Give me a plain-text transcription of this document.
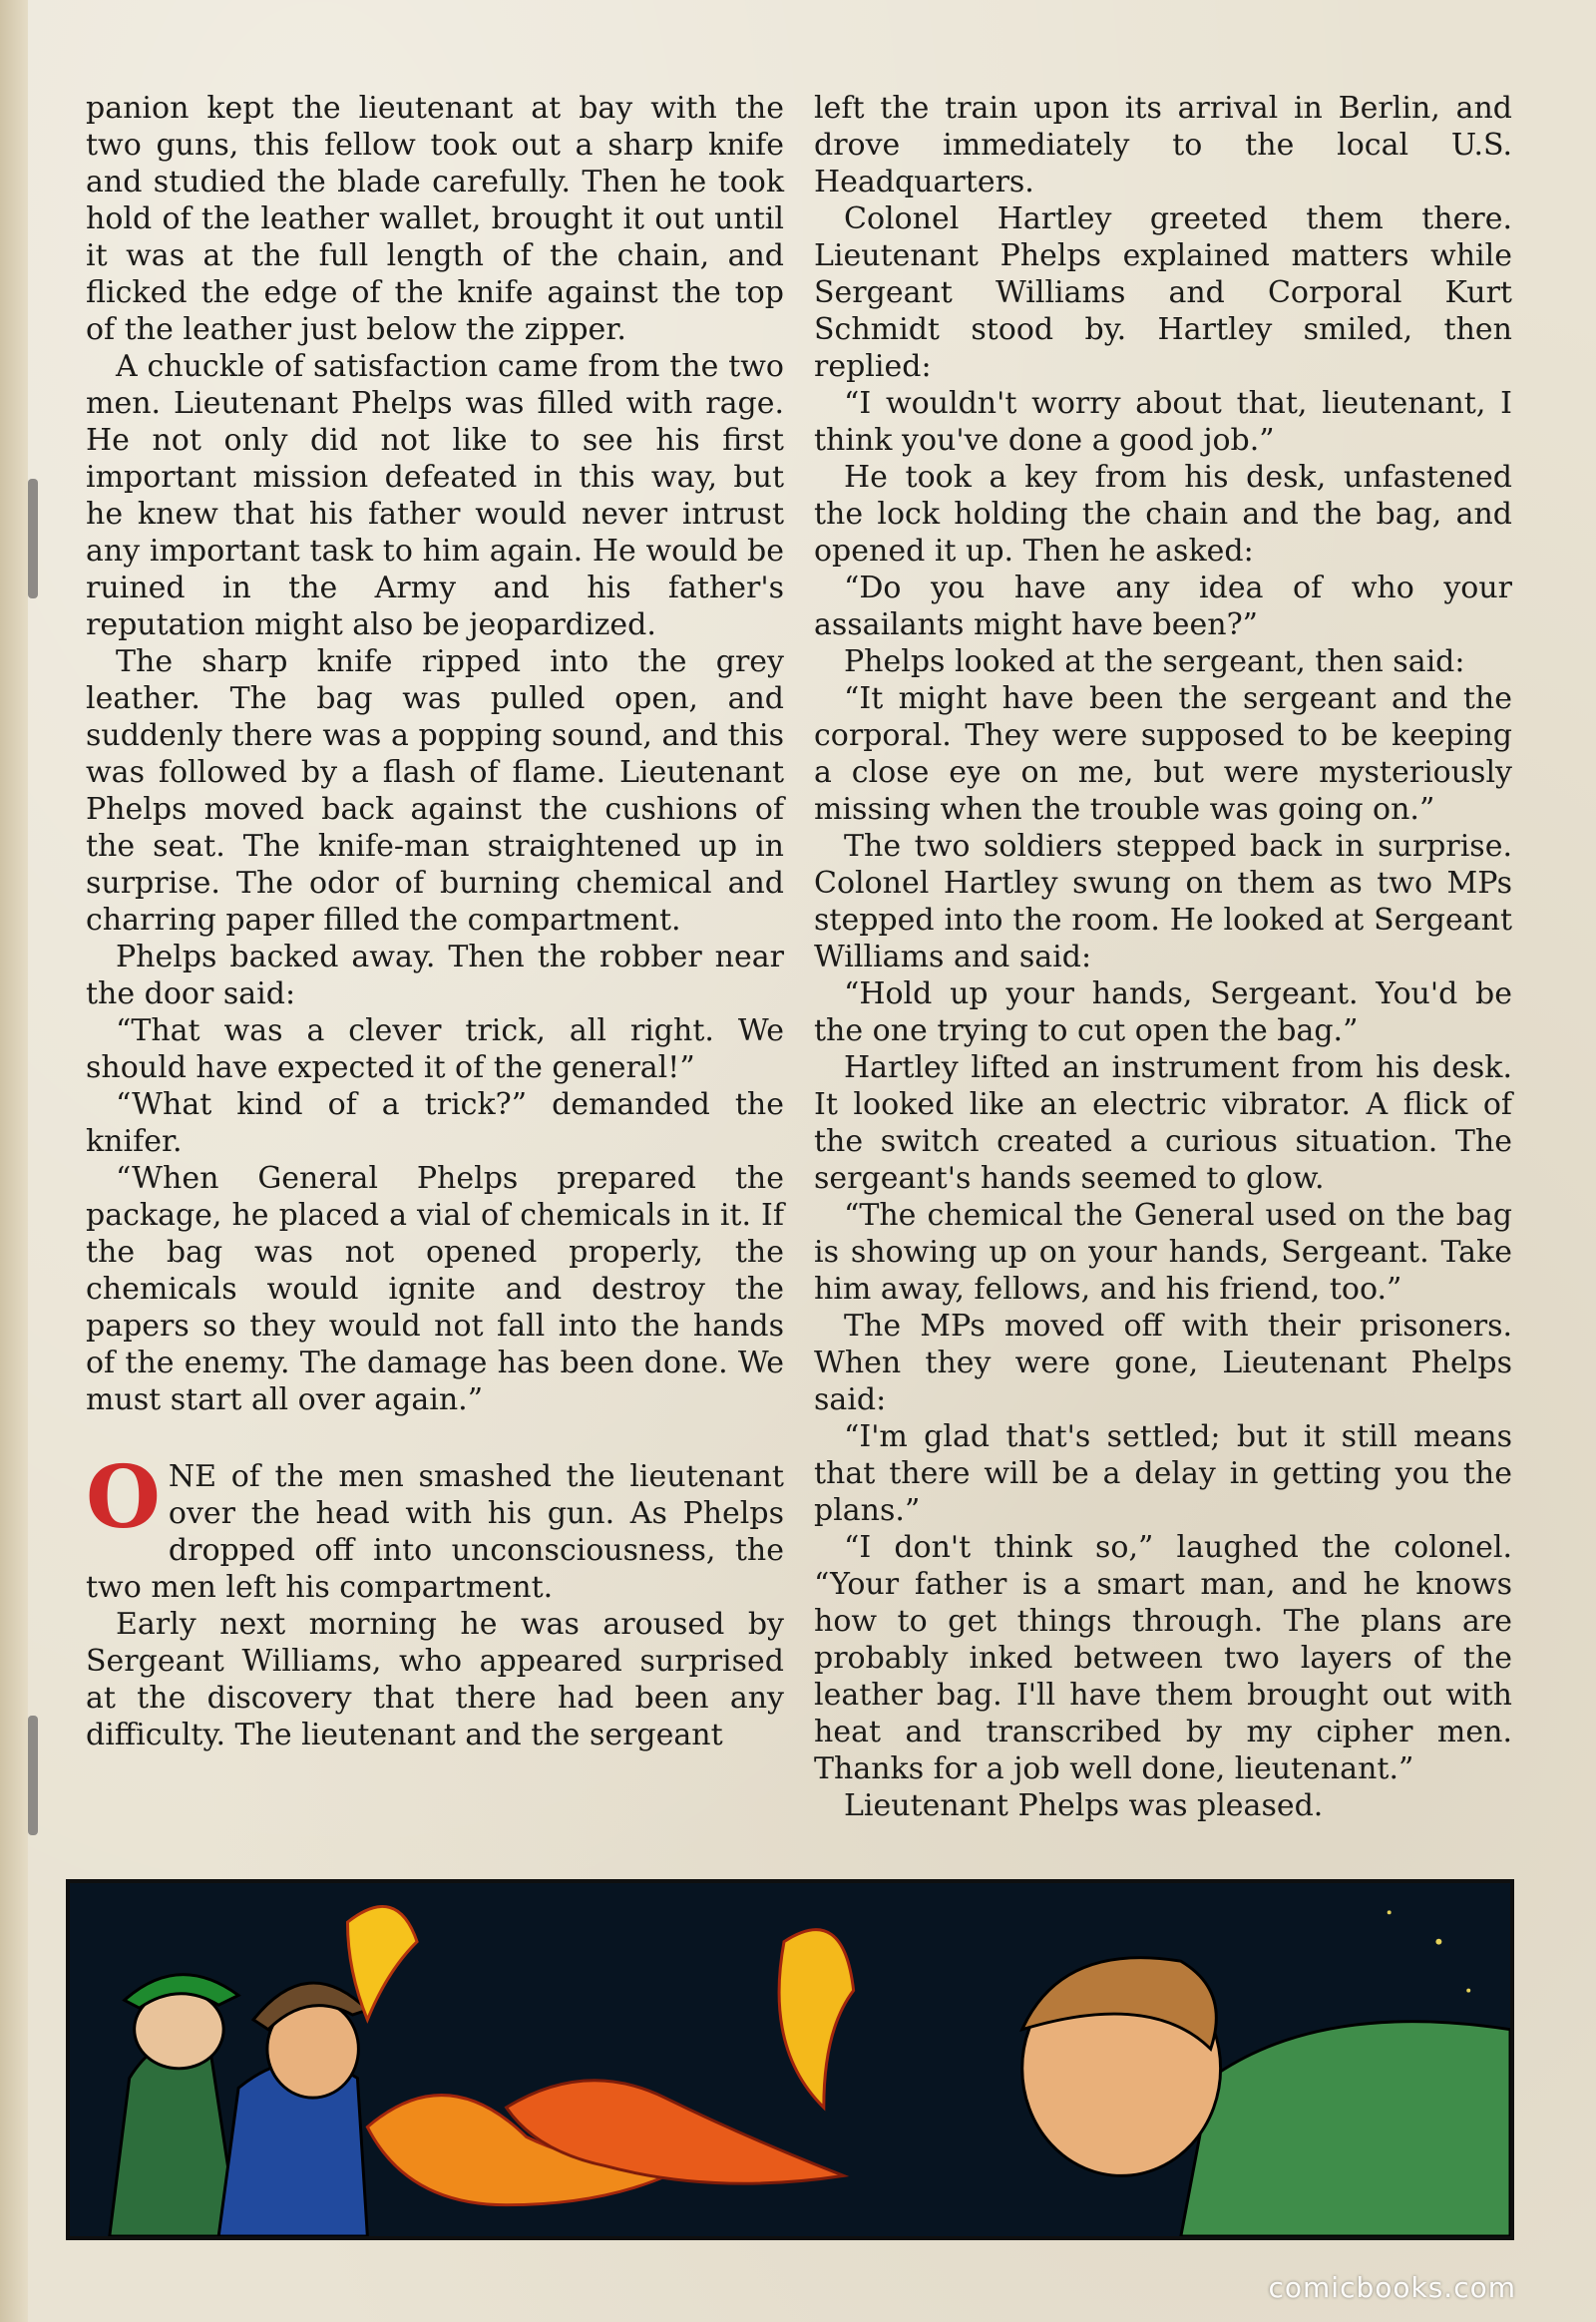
panion kept the lieutenant at bay with the two guns, this fellow took out a sharp knife and studied the blade carefully. Then he took hold of the leather wallet, brought it out until it was at the full length of the chain, and flicked the edge of the knife against the top of the leather just below the zipper.

A chuckle of satisfaction came from the two men. Lieutenant Phelps was filled with rage. He not only did not like to see his first important mission defeated in this way, but he knew that his father would never intrust any important task to him again. He would be ruined in the Army and his father's reputation might also be jeopardized.

The sharp knife ripped into the grey leather. The bag was pulled open, and suddenly there was a popping sound, and this was followed by a flash of flame. Lieutenant Phelps moved back against the cushions of the seat. The knife-man straightened up in surprise. The odor of burning chemical and charring paper filled the compartment.

Phelps backed away. Then the robber near the door said:

“That was a clever trick, all right. We should have expected it of the general!”

“What kind of a trick?” demanded the knifer.

“When General Phelps prepared the package, he placed a vial of chemicals in it. If the bag was not opened properly, the chemicals would ignite and destroy the papers so they would not fall into the hands of the enemy. The damage has been done. We must start all over again.”

ONE of the men smashed the lieutenant over the head with his gun. As Phelps dropped off into unconsciousness, the two men left his compartment.

Early next morning he was aroused by Sergeant Williams, who appeared surprised at the discovery that there had been any difficulty. The lieutenant and the sergeant

left the train upon its arrival in Berlin, and drove immediately to the local U.S. Headquarters.

Colonel Hartley greeted them there. Lieutenant Phelps explained matters while Sergeant Williams and Corporal Kurt Schmidt stood by. Hartley smiled, then replied:

“I wouldn't worry about that, lieutenant, I think you've done a good job.”

He took a key from his desk, unfastened the lock holding the chain and the bag, and opened it up. Then he asked:

“Do you have any idea of who your assailants might have been?”

Phelps looked at the sergeant, then said:

“It might have been the sergeant and the corporal. They were supposed to be keeping a close eye on me, but were mysteriously missing when the trouble was going on.”

The two soldiers stepped back in surprise. Colonel Hartley swung on them as two MPs stepped into the room. He looked at Sergeant Williams and said:

“Hold up your hands, Sergeant. You'd be the one trying to cut open the bag.”

Hartley lifted an instrument from his desk. It looked like an electric vibrator. A flick of the switch created a curious situation. The sergeant's hands seemed to glow.

“The chemical the General used on the bag is showing up on your hands, Sergeant. Take him away, fellows, and his friend, too.”

The MPs moved off with their prisoners. When they were gone, Lieutenant Phelps said:

“I'm glad that's settled; but it still means that there will be a delay in getting you the plans.”

“I don't think so,” laughed the colonel. “Your father is a smart man, and he knows how to get things through. The plans are probably inked between two layers of the leather bag. I'll have them brought out with heat and transcribed by my cipher men. Thanks for a job well done, lieutenant.”

Lieutenant Phelps was pleased.

comicbooks.com
